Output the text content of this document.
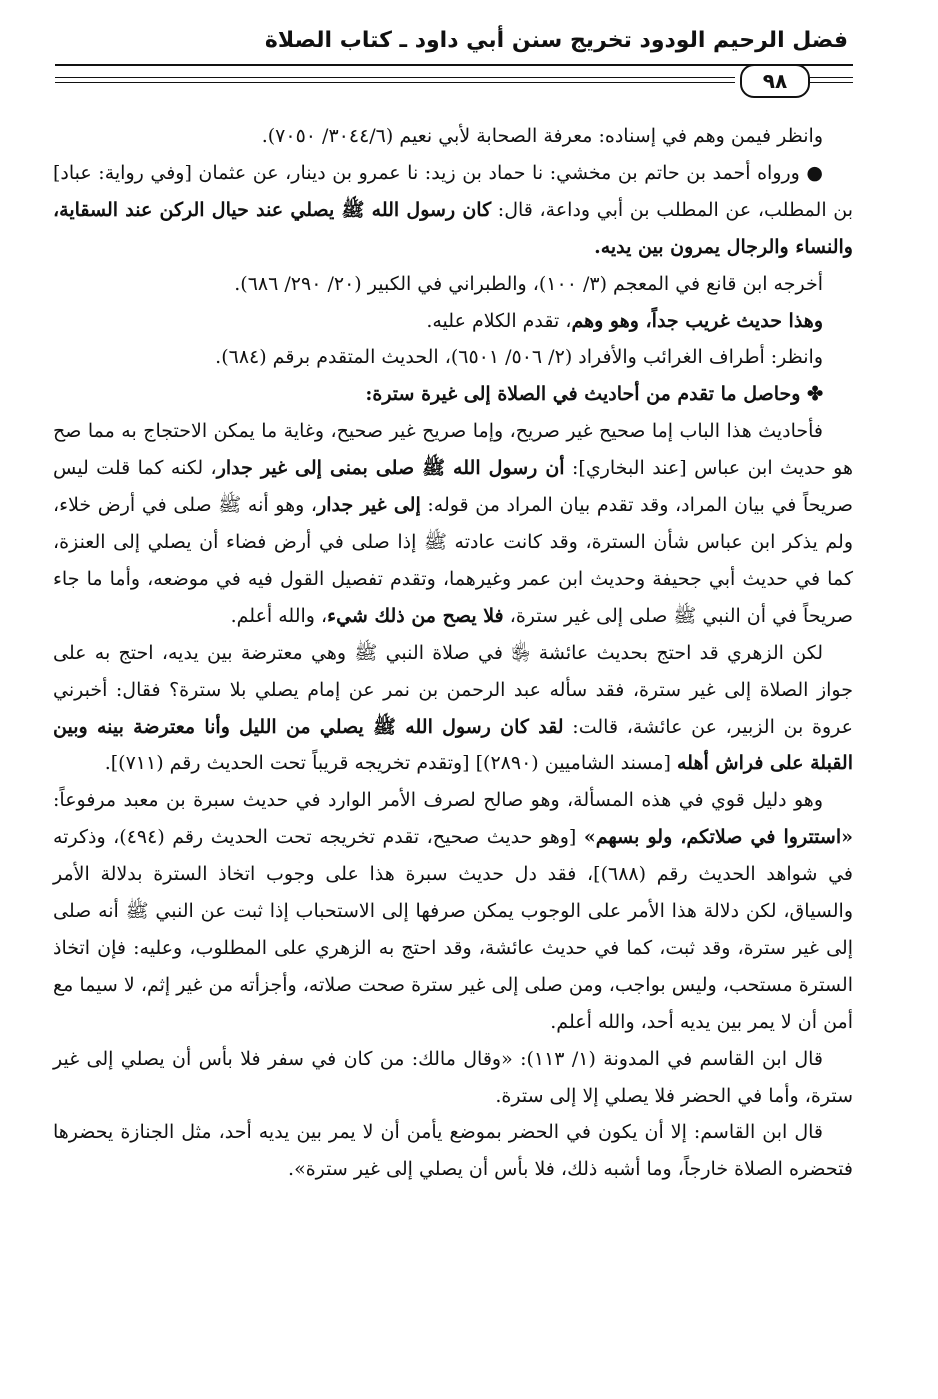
فضل الرحيم الودود تخريج سنن أبي داود ـ كتاب الصلاة
٩٨

وانظر فيمن وهم في إسناده: معرفة الصحابة لأبي نعيم (٣٠٤٤/٦/ ٧٠٥٠).

● ورواه أحمد بن حاتم بن مخشي: نا حماد بن زيد: نا عمرو بن دينار، عن عثمان [وفي رواية: عباد] بن المطلب، عن المطلب بن أبي وداعة، قال: كان رسول الله ﷺ يصلي عند حيال الركن عند السقاية، والنساء والرجال يمرون بين يديه.

أخرجه ابن قانع في المعجم (٣/ ١٠٠)، والطبراني في الكبير (٢٠/ ٢٩٠/ ٦٨٦).

وهذا حديث غريب جداً، وهو وهم، تقدم الكلام عليه.

وانظر: أطراف الغرائب والأفراد (٢/ ٥٠٦/ ٦٥٠١)، الحديث المتقدم برقم (٦٨٤).

✤ وحاصل ما تقدم من أحاديث في الصلاة إلى غيرة سترة:

فأحاديث هذا الباب إما صحيح غير صريح، وإما صريح غير صحيح، وغاية ما يمكن الاحتجاج به مما صح هو حديث ابن عباس [عند البخاري]: أن رسول الله ﷺ صلى بمنى إلى غير جدار، لكنه كما قلت ليس صريحاً في بيان المراد، وقد تقدم بيان المراد من قوله: إلى غير جدار، وهو أنه ﷺ صلى في أرض خلاء، ولم يذكر ابن عباس شأن السترة، وقد كانت عادته ﷺ إذا صلى في أرض فضاء أن يصلي إلى العنزة، كما في حديث أبي جحيفة وحديث ابن عمر وغيرهما، وتقدم تفصيل القول فيه في موضعه، وأما ما جاء صريحاً في أن النبي ﷺ صلى إلى غير سترة، فلا يصح من ذلك شيء، والله أعلم.

لكن الزهري قد احتج بحديث عائشة ﵂ في صلاة النبي ﷺ وهي معترضة بين يديه، احتج به على جواز الصلاة إلى غير سترة، فقد سأله عبد الرحمن بن نمر عن إمام يصلي بلا سترة؟ فقال: أخبرني عروة بن الزبير، عن عائشة، قالت: لقد كان رسول الله ﷺ يصلي من الليل وأنا معترضة بينه وبين القبلة على فراش أهله [مسند الشاميين (٢٨٩٠)] [وتقدم تخريجه قريباً تحت الحديث رقم (٧١١)].

وهو دليل قوي في هذه المسألة، وهو صالح لصرف الأمر الوارد في حديث سبرة بن معبد مرفوعاً: «استتروا في صلاتكم، ولو بسهم» [وهو حديث صحيح، تقدم تخريجه تحت الحديث رقم (٤٩٤)، وذكرته في شواهد الحديث رقم (٦٨٨)]، فقد دل حديث سبرة هذا على وجوب اتخاذ السترة بدلالة الأمر والسياق، لكن دلالة هذا الأمر على الوجوب يمكن صرفها إلى الاستحباب إذا ثبت عن النبي ﷺ أنه صلى إلى غير سترة، وقد ثبت، كما في حديث عائشة، وقد احتج به الزهري على المطلوب، وعليه: فإن اتخاذ السترة مستحب، وليس بواجب، ومن صلى إلى غير سترة صحت صلاته، وأجزأته من غير إثم، لا سيما مع أمن أن لا يمر بين يديه أحد، والله أعلم.

قال ابن القاسم في المدونة (١/ ١١٣): «وقال مالك: من كان في سفر فلا بأس أن يصلي إلى غير سترة، وأما في الحضر فلا يصلي إلا إلى سترة.

قال ابن القاسم: إلا أن يكون في الحضر بموضع يأمن أن لا يمر بين يديه أحد، مثل الجنازة يحضرها فتحضره الصلاة خارجاً، وما أشبه ذلك، فلا بأس أن يصلي إلى غير سترة».
